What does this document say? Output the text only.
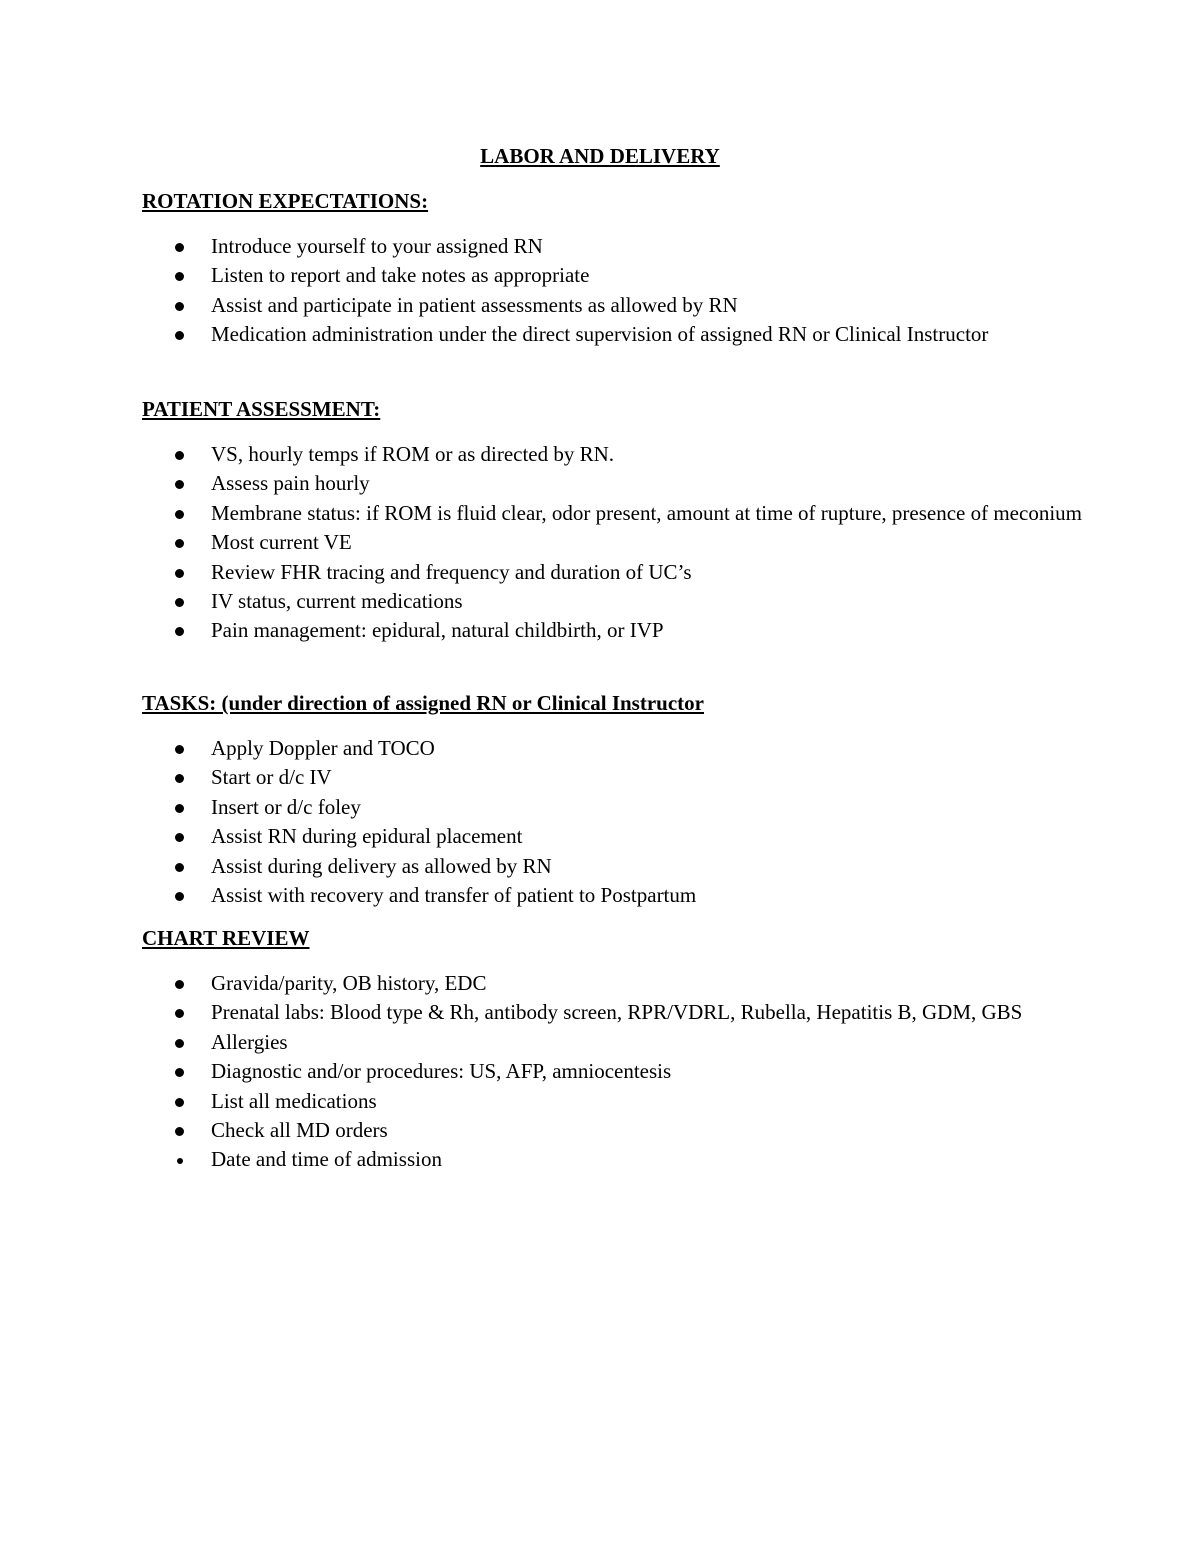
LABOR AND DELIVERY
ROTATION EXPECTATIONS:
Introduce yourself to your assigned RN
Listen to report and take notes as appropriate
Assist and participate in patient assessments as allowed by RN
Medication administration under the direct supervision of assigned RN or Clinical Instructor
PATIENT ASSESSMENT:
VS, hourly temps if ROM or as directed by RN.
Assess pain hourly
Membrane status: if ROM is fluid clear, odor present, amount at time of rupture, presence of meconium
Most current VE
Review FHR tracing and frequency and duration of UC’s
IV status, current medications
Pain management: epidural, natural childbirth, or IVP
TASKS: (under direction of assigned RN or Clinical Instructor
Apply Doppler and TOCO
Start or d/c IV
Insert or d/c foley
Assist RN during epidural placement
Assist during delivery as allowed by RN
Assist with recovery and transfer of patient to Postpartum
CHART REVIEW
Gravida/parity, OB history, EDC
Prenatal labs: Blood type & Rh, antibody screen, RPR/VDRL, Rubella, Hepatitis B, GDM, GBS
Allergies
Diagnostic and/or procedures: US, AFP, amniocentesis
List all medications
Check all MD orders
Date and time of admission
